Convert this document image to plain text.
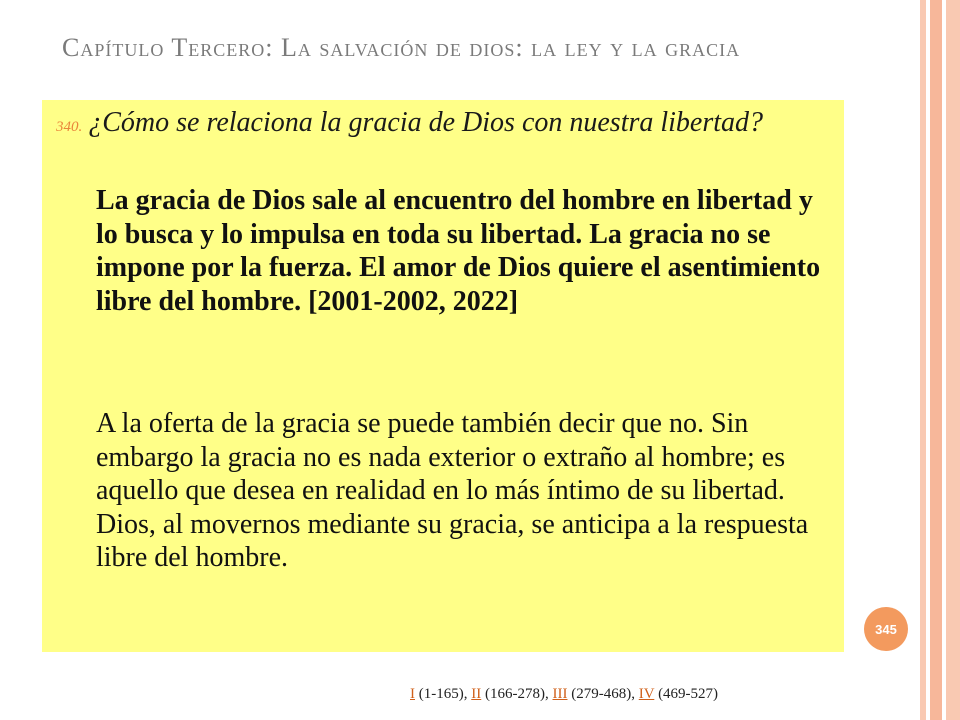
Capítulo Tercero: La salvación de dios: la ley y la gracia
340. ¿Cómo se relaciona la gracia de Dios con nuestra libertad?
La gracia de Dios sale al encuentro del hombre en libertad y lo busca y lo impulsa en toda su libertad. La gracia no se impone por la fuerza. El amor de Dios quiere el asentimiento libre del hombre. [2001-2002, 2022]
A la oferta de la gracia se puede también decir que no. Sin embargo la gracia no es nada exterior o extraño al hombre; es aquello que desea en realidad en lo más íntimo de su libertad. Dios, al movernos mediante su gracia, se anticipa a la respuesta libre del hombre.
345
I (1-165), II (166-278), III (279-468), IV (469-527)
